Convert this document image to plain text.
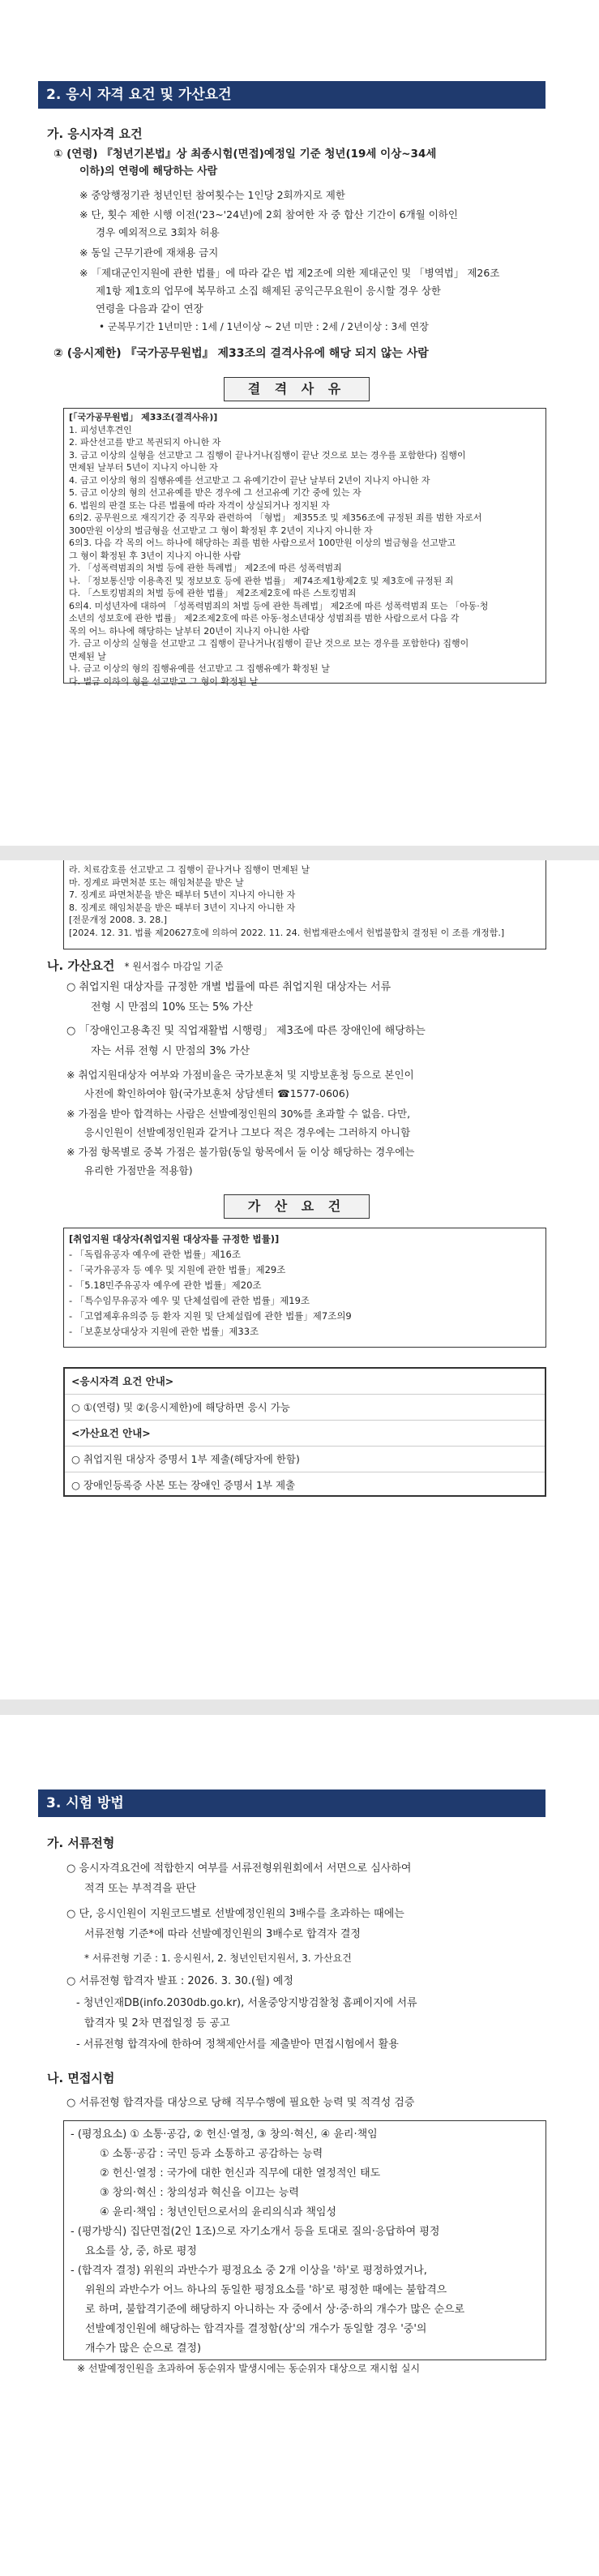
2. 응시 자격 요건 및 가산요건
가. 응시자격 요건
① (연령) 『청년기본법』상 최종시험(면접)예정일 기준 청년(19세 이상~34세
이하)의 연령에 해당하는 사람
※ 중앙행정기관 청년인턴 참여횟수는 1인당 2회까지로 제한
※ 단, 횟수 제한 시행 이전('23~'24년)에 2회 참여한 자 중 합산 기간이 6개월 이하인
경우 예외적으로 3회차 허용
※ 동일 근무기관에 재채용 금지
※ 「제대군인지원에 관한 법률」에 따라 같은 법 제2조에 의한 제대군인 및 「병역법」 제26조
제1항 제1호의 업무에 복무하고 소집 해제된 공익근무요원이 응시할 경우 상한
연령을 다음과 같이 연장
• 군복무기간 1년미만 : 1세 / 1년이상 ~ 2년 미만 : 2세 / 2년이상 : 3세 연장
② (응시제한) 『국가공무원법』 제33조의 결격사유에 해당 되지 않는 사람
결 격 사 유
[「국가공무원법」 제33조(결격사유)]
1. 피성년후견인
2. 파산선고를 받고 복권되지 아니한 자
3. 금고 이상의 실형을 선고받고 그 집행이 끝나거나(집행이 끝난 것으로 보는 경우를 포함한다) 집행이
면제된 날부터 5년이 지나지 아니한 자
4. 금고 이상의 형의 집행유예를 선고받고 그 유예기간이 끝난 날부터 2년이 지나지 아니한 자
5. 금고 이상의 형의 선고유예를 받은 경우에 그 선고유예 기간 중에 있는 자
6. 법원의 판결 또는 다른 법률에 따라 자격이 상실되거나 정지된 자
6의2. 공무원으로 재직기간 중 직무와 관련하여 「형법」 제355조 및 제356조에 규정된 죄를 범한 자로서
300만원 이상의 벌금형을 선고받고 그 형이 확정된 후 2년이 지나지 아니한 자
6의3. 다음 각 목의 어느 하나에 해당하는 죄를 범한 사람으로서 100만원 이상의 벌금형을 선고받고
그 형이 확정된 후 3년이 지나지 아니한 사람
가. 「성폭력범죄의 처벌 등에 관한 특례법」 제2조에 따른 성폭력범죄
나. 「정보통신망 이용촉진 및 정보보호 등에 관한 법률」 제74조제1항제2호 및 제3호에 규정된 죄
다. 「스토킹범죄의 처벌 등에 관한 법률」 제2조제2호에 따른 스토킹범죄
6의4. 미성년자에 대하여 「성폭력범죄의 처벌 등에 관한 특례법」 제2조에 따른 성폭력범죄 또는 「아동·청
소년의 성보호에 관한 법률」 제2조제2호에 따른 아동·청소년대상 성범죄를 범한 사람으로서 다음 각
목의 어느 하나에 해당하는 날부터 20년이 지나지 아니한 사람
가. 금고 이상의 실형을 선고받고 그 집행이 끝나거나(집행이 끝난 것으로 보는 경우를 포함한다) 집행이
면제된 날
나. 금고 이상의 형의 집행유예를 선고받고 그 집행유예가 확정된 날
다. 벌금 이하의 형을 선고받고 그 형이 확정된 날
라. 치료감호를 선고받고 그 집행이 끝나거나 집행이 면제된 날
마. 징계로 파면처분 또는 해임처분을 받은 날
7. 징계로 파면처분을 받은 때부터 5년이 지나지 아니한 자
8. 징계로 해임처분을 받은 때부터 3년이 지나지 아니한 자
[전문개정 2008. 3. 28.]
[2024. 12. 31. 법률 제20627호에 의하여 2022. 11. 24. 헌법재판소에서 헌법불합치 결정된 이 조를 개정함.]
나. 가산요건 * 원서접수 마감일 기준
○ 취업지원 대상자를 규정한 개별 법률에 따른 취업지원 대상자는 서류
전형 시 만점의 10% 또는 5% 가산
○ 「장애인고용촉진 및 직업재활법 시행령」 제3조에 따른 장애인에 해당하는
자는 서류 전형 시 만점의 3% 가산
※ 취업지원대상자 여부와 가점비율은 국가보훈처 및 지방보훈청 등으로 본인이
사전에 확인하여야 함(국가보훈처 상담센터 ☎1577-0606)
※ 가점을 받아 합격하는 사람은 선발예정인원의 30%를 초과할 수 없음. 다만,
응시인원이 선발예정인원과 같거나 그보다 적은 경우에는 그러하지 아니함
※ 가점 항목별로 중복 가점은 불가함(동일 항목에서 둘 이상 해당하는 경우에는
유리한 가점만을 적용함)
가 산 요 건
[취업지원 대상자(취업지원 대상자를 규정한 법률)]
- 「독립유공자 예우에 관한 법률」제16조
- 「국가유공자 등 예우 및 지원에 관한 법률」제29조
- 「5.18민주유공자 예우에 관한 법률」제20조
- 「특수임무유공자 예우 및 단체설립에 관한 법률」제19조
- 「고엽제후유의증 등 환자 지원 및 단체설립에 관한 법률」제7조의9
- 「보훈보상대상자 지원에 관한 법률」제33조
<응시자격 요건 안내>
○ ①(연령) 및 ②(응시제한)에 해당하면 응시 가능
<가산요건 안내>
○ 취업지원 대상자 증명서 1부 제출(해당자에 한함)
○ 장애인등록증 사본 또는 장애인 증명서 1부 제출
3. 시험 방법
가. 서류전형
○ 응시자격요건에 적합한지 여부를 서류전형위원회에서 서면으로 심사하여
적격 또는 부적격을 판단
○ 단, 응시인원이 지원코드별로 선발예정인원의 3배수를 초과하는 때에는
서류전형 기준*에 따라 선발예정인원의 3배수로 합격자 결정
* 서류전형 기준 : 1. 응시원서, 2. 청년인턴지원서, 3. 가산요건
○ 서류전형 합격자 발표 : 2026. 3. 30.(월) 예정
- 청년인재DB(info.2030db.go.kr), 서울중앙지방검찰청 홈페이지에 서류
합격자 및 2차 면접일정 등 공고
- 서류전형 합격자에 한하여 정책제안서를 제출받아 면접시험에서 활용
나. 면접시험
○ 서류전형 합격자를 대상으로 당해 직무수행에 필요한 능력 및 적격성 검증
- (평정요소) ① 소통·공감, ② 헌신·열정, ③ 창의·혁신, ④ 윤리·책임
① 소통·공감 : 국민 등과 소통하고 공감하는 능력
② 헌신·열정 : 국가에 대한 헌신과 직무에 대한 열정적인 태도
③ 창의·혁신 : 창의성과 혁신을 이끄는 능력
④ 윤리·책임 : 청년인턴으로서의 윤리의식과 책임성
- (평가방식) 집단면접(2인 1조)으로 자기소개서 등을 토대로 질의·응답하여 평정
요소를 상, 중, 하로 평정
- (합격자 결정) 위원의 과반수가 평정요소 중 2개 이상을 '하'로 평정하였거나,
위원의 과반수가 어느 하나의 동일한 평정요소를 '하'로 평정한 때에는 불합격으
로 하며, 불합격기준에 해당하지 아니하는 자 중에서 상·중·하의 개수가 많은 순으로
선발예정인원에 해당하는 합격자를 결정함(상'의 개수가 동일할 경우 '중'의
개수가 많은 순으로 결정)
※ 선발예정인원을 초과하여 동순위자 발생시에는 동순위자 대상으로 재시험 실시
